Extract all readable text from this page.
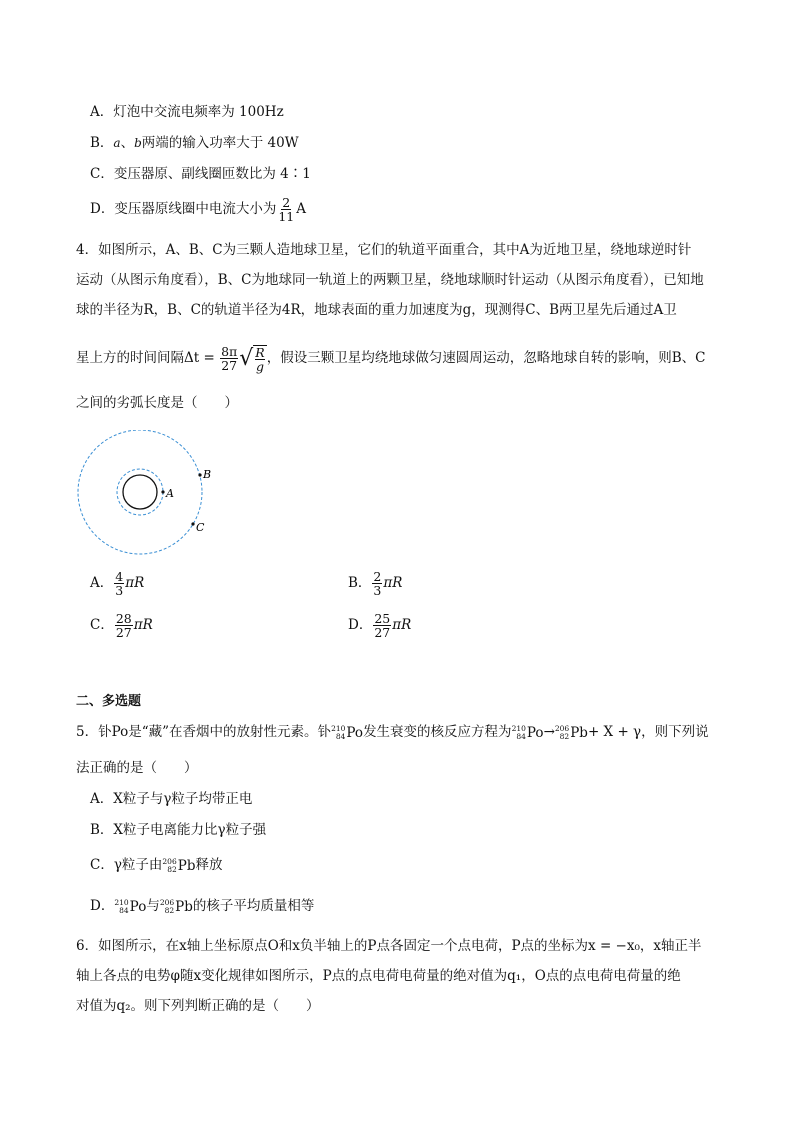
A．灯泡中交流电频率为 100Hz
B．a、b两端的输入功率大于 40W
C．变压器原、副线圈匝数比为 4∶1
D．变压器原线圈中电流大小为 $\frac{2}{11}$ A
4．如图所示，A、B、C为三颗人造地球卫星，它们的轨道平面重合，其中A为近地卫星，绕地球逆时针
运动（从图示角度看），B、C为地球同一轨道上的两颗卫星，绕地球顺时针运动（从图示角度看），已知地
球的半径为R，B、C的轨道半径为4R，地球表面的重力加速度为g，现测得C、B两卫星先后通过A卫
星上方的时间间隔$\Delta t = \frac{8\pi}{27}$ √ $\frac{R}{g}$ ，假设三颗卫星均绕地球做匀速圆周运动，忽略地球自转的影响，则B、C
之间的劣弧长度是（　　）
A
B
C
A． $\frac{4}{3}$ πR	B． $\frac{2}{3}$ πR
C． $\frac{28}{27}$ πR	D． $\frac{25}{27}$ πR
二、多选题
5．钋Po是“藏”在香烟中的放射性元素。钋 210
84 Po 发生衰变的核反应方程为 210
84 Po → 206
82 Pb + X + γ，则下列说
法正确的是（　　）
A．X粒子与γ粒子均带正电
B．X粒子电离能力比γ粒子强
C．γ粒子由 206
82 Pb 释放
D． 210
84 Po 与 206
82 Pb 的核子平均质量相等
6．如图所示，在x轴上坐标原点O和x负半轴上的P点各固定一个点电荷，P点的坐标为x = −x₀，x轴正半
轴上各点的电势φ随x变化规律如图所示，P点的点电荷电荷量的绝对值为q₁，O点的点电荷电荷量的绝
对值为q₂。则下列判断正确的是（　　）
